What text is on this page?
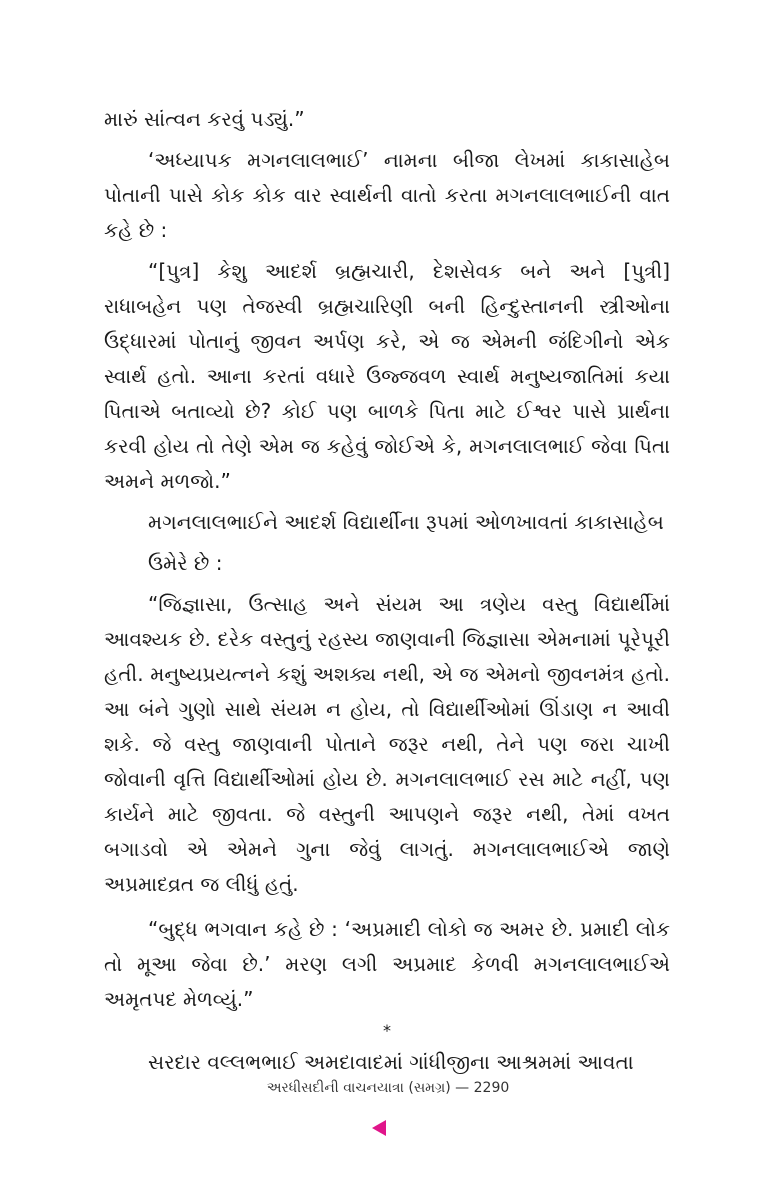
મારું સાંત્વન કરવું પડ્યું.”

‘અધ્યાપક મગનલાલભાઈ’ નામના બીજા લેખમાં કાકાસાહેબ પોતાની પાસે કોક કોક વાર સ્વાર્થની વાતો કરતા મગનલાલભાઈની વાત કહે છે :

“[પુત્ર] કેશુ આદર્શ બ્રહ્મચારી, દેશસેવક બને અને [પુત્રી] રાધાબહેન પણ તેજસ્વી બ્રહ્મચારિણી બની હિન્દુસ્તાનની સ્ત્રીઓના ઉદ્ધારમાં પોતાનું જીવન અર્પણ કરે, એ જ એમની જંદિગીનો એક સ્વાર્થ હતો. આના કરતાં વધારે ઉજ્જવળ સ્વાર્થ મનુષ્યજાતિમાં કયા પિતાએ બતાવ્યો છે? કોઈ પણ બાળકે પિતા માટે ઈશ્વર પાસે પ્રાર્થના કરવી હોય તો તેણે એમ જ કહેવું જોઈએ કે, મગનલાલભાઈ જેવા પિતા અમને મળજો.”

મગનલાલભાઈને આદર્શ વિદ્યાર્થીના રૂપમાં ઓળખાવતાં કાકાસાહેબ

ઉમેરે છે :

“જિજ્ઞાસા, ઉત્સાહ અને સંયમ આ ત્રણેય વસ્તુ વિદ્યાર્થીમાં આવશ્યક છે. દરેક વસ્તુનું રહસ્ય જાણવાની જિજ્ઞાસા એમનામાં પૂરેપૂરી હતી. મનુષ્યપ્રયત્નને કશું અશક્ય નથી, એ જ એમનો જીવનમંત્ર હતો. આ બંને ગુણો સાથે સંયમ ન હોય, તો વિદ્યાર્થીઓમાં ઊંડાણ ન આવી શકે. જે વસ્તુ જાણવાની પોતાને જરૂર નથી, તેને પણ જરા ચાખી જોવાની વૃત્તિ વિદ્યાર્થીઓમાં હોય છે. મગનલાલભાઈ રસ માટે નહીં, પણ કાર્યને માટે જીવતા. જે વસ્તુની આપણને જરૂર નથી, તેમાં વખત બગાડવો એ એમને ગુના જેવું લાગતું. મગનલાલભાઈએ જાણે અપ્રમાદવ્રત જ લીધું હતું.

“બુદ્ધ ભગવાન કહે છે : ‘અપ્રમાદી લોકો જ અમર છે. પ્રમાદી લોક તો મૂઆ જેવા છે.’ મરણ લગી અપ્રમાદ કેળવી મગનલાલભાઈએ અમૃતપદ મેળવ્યું.”

*

સરદાર વલ્લભભાઈ અમદાવાદમાં ગાંધીજીના આશ્રમમાં આવતા

અરધીસદીની વાચનયાત્રા (સમગ્ર) — 2290
